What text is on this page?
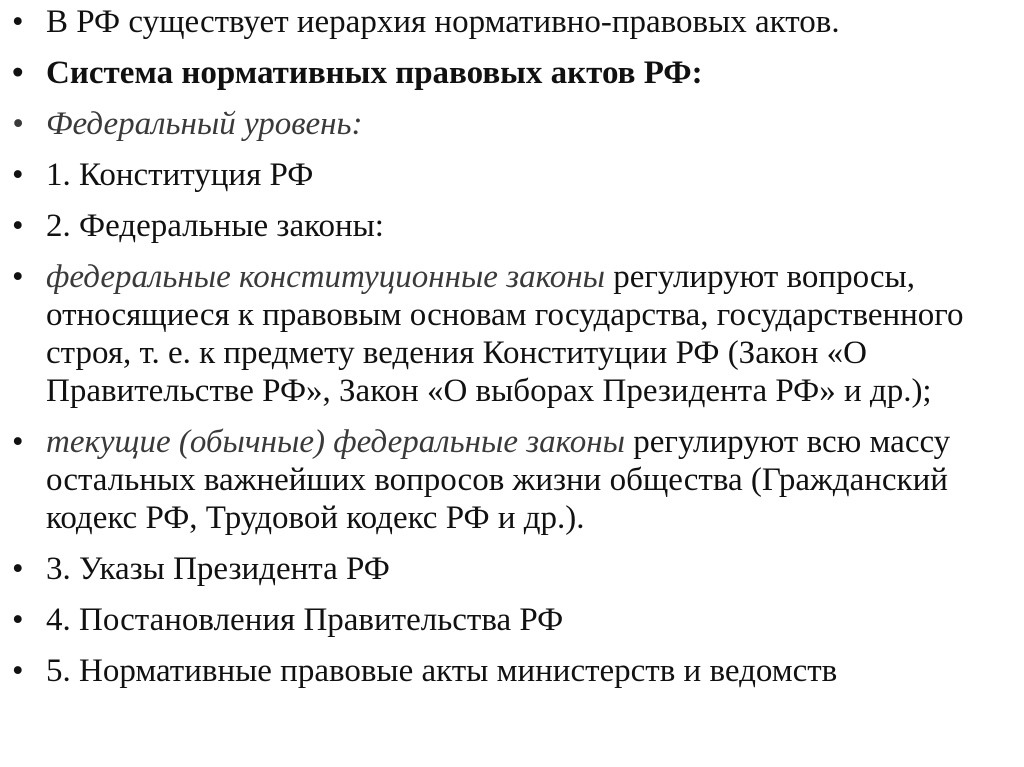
• В РФ существует иерархия нормативно-правовых актов.
• Система нормативных правовых актов РФ:
• Федеральный уровень:
• 1. Конституция РФ
• 2. Федеральные законы:
• федеральные конституционные законы регулируют вопросы, относящиеся к правовым основам государства, государственного строя, т. е. к предмету ведения Конституции РФ (Закон «О Правительстве РФ», Закон «О выборах Президента РФ» и др.);
• текущие (обычные) федеральные законы регулируют всю массу остальных важнейших вопросов жизни общества (Гражданский кодекс РФ, Трудовой кодекс РФ и др.).
• 3. Указы Президента РФ
• 4. Постановления Правительства РФ
• 5. Нормативные правовые акты министерств и ведомств
